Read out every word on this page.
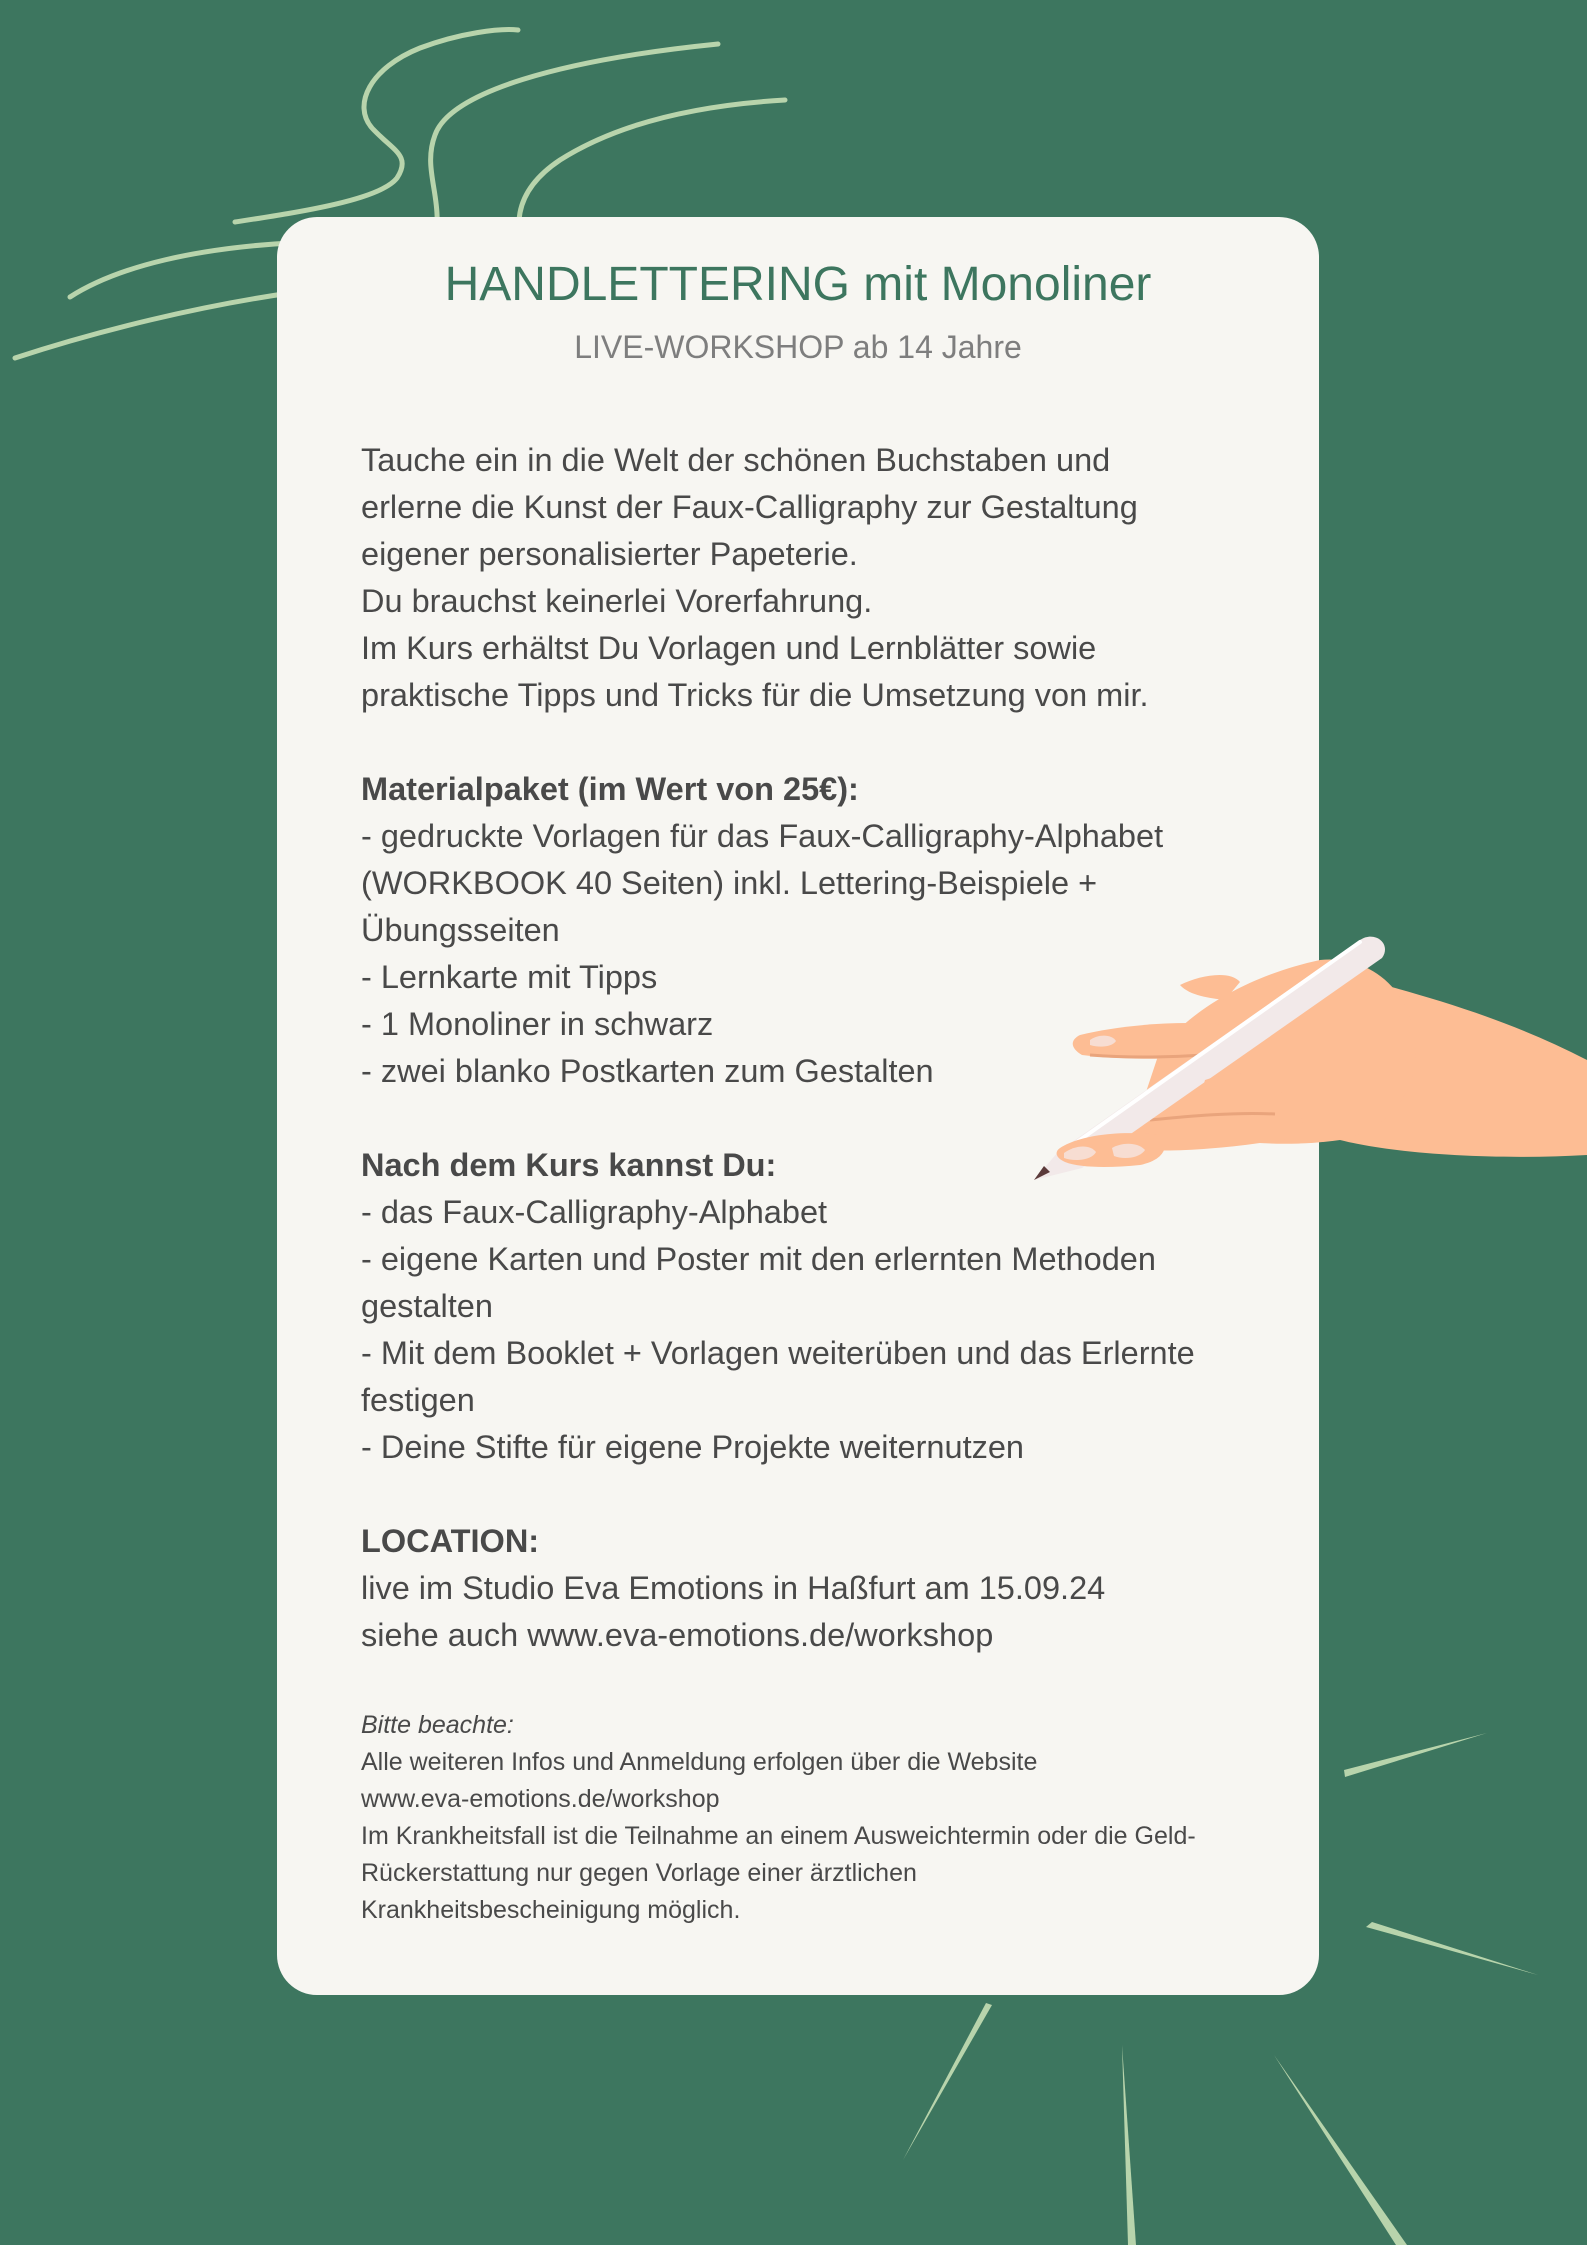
HANDLETTERING mit Monoliner
LIVE-WORKSHOP ab 14 Jahre

Tauche ein in die Welt der schönen Buchstaben und

erlerne die Kunst der Faux-Calligraphy zur Gestaltung

eigener personalisierter Papeterie.

Du brauchst keinerlei Vorerfahrung.

Im Kurs erhältst Du Vorlagen und Lernblätter sowie

praktische Tipps und Tricks für die Umsetzung von mir.

Materialpaket (im Wert von 25€):

- gedruckte Vorlagen für das Faux-Calligraphy-Alphabet

(WORKBOOK 40 Seiten) inkl. Lettering-Beispiele +

Übungsseiten

- Lernkarte mit Tipps

- 1 Monoliner in schwarz

- zwei blanko Postkarten zum Gestalten

Nach dem Kurs kannst Du:

- das Faux-Calligraphy-Alphabet

- eigene Karten und Poster mit den erlernten Methoden

gestalten

- Mit dem Booklet + Vorlagen weiterüben und das Erlernte

festigen

- Deine Stifte für eigene Projekte weiternutzen

LOCATION:

live im Studio Eva Emotions in Haßfurt am 15.09.24

siehe auch www.eva-emotions.de/workshop

Bitte beachte:

Alle weiteren Infos und Anmeldung erfolgen über die Website

www.eva-emotions.de/workshop

Im Krankheitsfall ist die Teilnahme an einem Ausweichtermin oder die Geld-

Rückerstattung nur gegen Vorlage einer ärztlichen

Krankheitsbescheinigung möglich.
